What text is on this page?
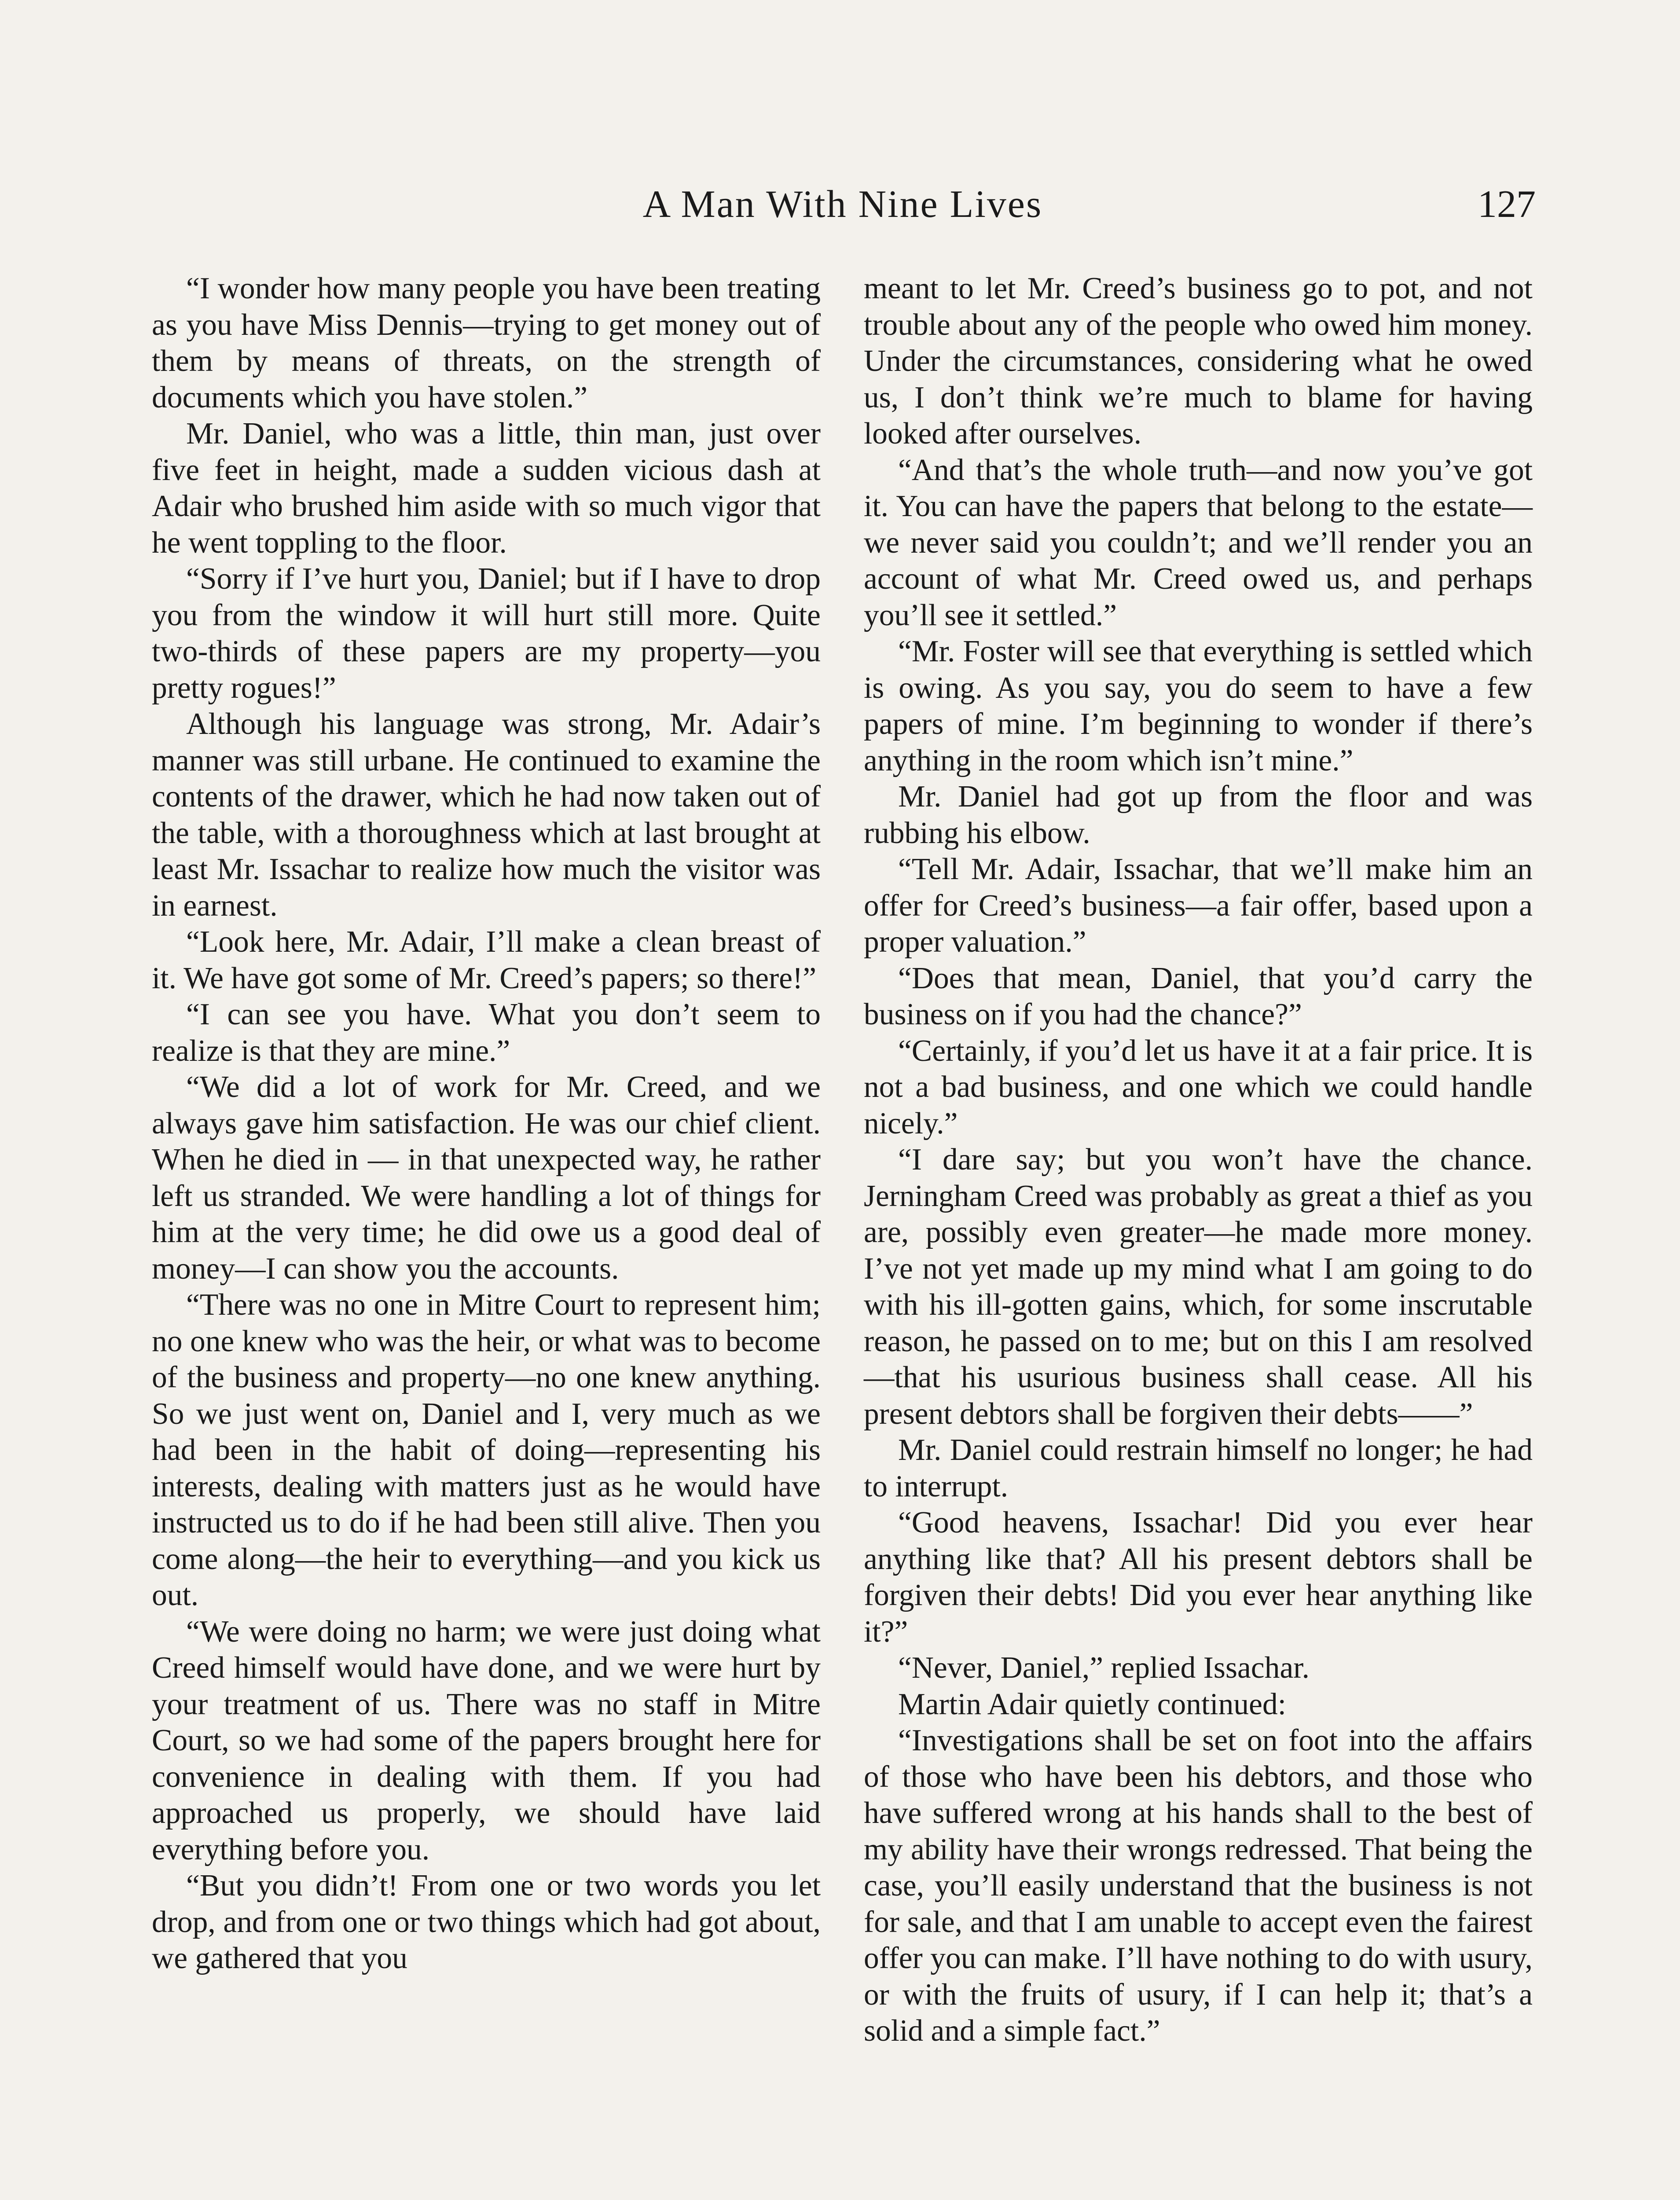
A Man With Nine Lives	127

“I wonder how many people you have been treating as you have Miss Dennis—trying to get money out of them by means of threats, on the strength of documents which you have stolen.”

Mr. Daniel, who was a little, thin man, just over five feet in height, made a sudden vicious dash at Adair who brushed him aside with so much vigor that he went toppling to the floor.

“Sorry if I’ve hurt you, Daniel; but if I have to drop you from the window it will hurt still more. Quite two-thirds of these papers are my property—you pretty rogues!”

Although his language was strong, Mr. Adair’s manner was still urbane. He continued to examine the contents of the drawer, which he had now taken out of the table, with a thoroughness which at last brought at least Mr. Issachar to realize how much the visitor was in earnest.

“Look here, Mr. Adair, I’ll make a clean breast of it. We have got some of Mr. Creed’s papers; so there!”

“I can see you have. What you don’t seem to realize is that they are mine.”

“We did a lot of work for Mr. Creed, and we always gave him satisfaction. He was our chief client. When he died in — in that unexpected way, he rather left us stranded. We were handling a lot of things for him at the very time; he did owe us a good deal of money—I can show you the accounts.

“There was no one in Mitre Court to represent him; no one knew who was the heir, or what was to become of the business and property—no one knew anything. So we just went on, Daniel and I, very much as we had been in the habit of doing—representing his interests, dealing with matters just as he would have instructed us to do if he had been still alive. Then you come along—the heir to everything—and you kick us out.

“We were doing no harm; we were just doing what Creed himself would have done, and we were hurt by your treatment of us. There was no staff in Mitre Court, so we had some of the papers brought here for convenience in dealing with them. If you had approached us properly, we should have laid everything before you.

“But you didn’t! From one or two words you let drop, and from one or two things which had got about, we gathered that you

meant to let Mr. Creed’s business go to pot, and not trouble about any of the people who owed him money. Under the circumstances, considering what he owed us, I don’t think we’re much to blame for having looked after ourselves.

“And that’s the whole truth—and now you’ve got it. You can have the papers that belong to the estate—we never said you couldn’t; and we’ll render you an account of what Mr. Creed owed us, and perhaps you’ll see it settled.”

“Mr. Foster will see that everything is settled which is owing. As you say, you do seem to have a few papers of mine. I’m beginning to wonder if there’s anything in the room which isn’t mine.”

Mr. Daniel had got up from the floor and was rubbing his elbow.

“Tell Mr. Adair, Issachar, that we’ll make him an offer for Creed’s business—a fair offer, based upon a proper valuation.”

“Does that mean, Daniel, that you’d carry the business on if you had the chance?”

“Certainly, if you’d let us have it at a fair price. It is not a bad business, and one which we could handle nicely.”

“I dare say; but you won’t have the chance. Jerningham Creed was probably as great a thief as you are, possibly even greater—he made more money. I’ve not yet made up my mind what I am going to do with his ill-gotten gains, which, for some inscrutable reason, he passed on to me; but on this I am resolved—that his usurious business shall cease. All his present debtors shall be forgiven their debts——”

Mr. Daniel could restrain himself no longer; he had to interrupt.

“Good heavens, Issachar! Did you ever hear anything like that? All his present debtors shall be forgiven their debts! Did you ever hear anything like it?”

“Never, Daniel,” replied Issachar.

Martin Adair quietly continued:

“Investigations shall be set on foot into the affairs of those who have been his debtors, and those who have suffered wrong at his hands shall to the best of my ability have their wrongs redressed. That being the case, you’ll easily understand that the business is not for sale, and that I am unable to accept even the fairest offer you can make. I’ll have nothing to do with usury, or with the fruits of usury, if I can help it; that’s a solid and a simple fact.”
